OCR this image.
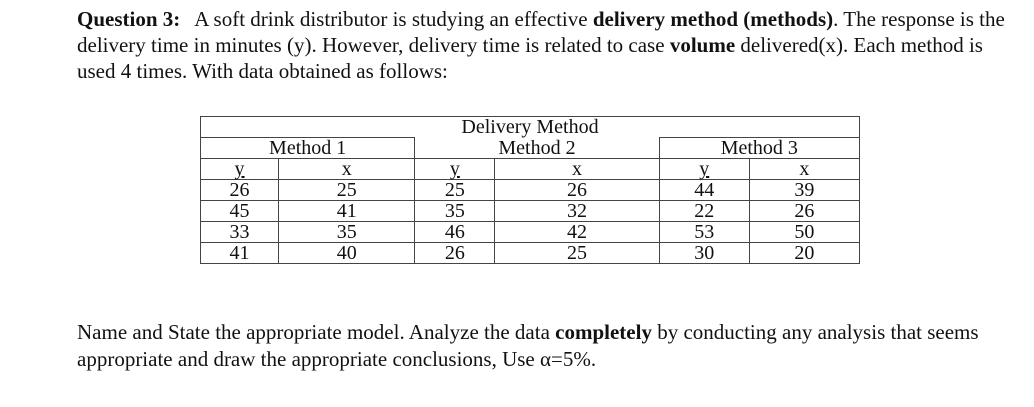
Question 3: A soft drink distributor is studying an effective delivery method (methods). The response is the delivery time in minutes (y). However, delivery time is related to case volume delivered(x). Each method is used 4 times. With data obtained as follows:

Delivery Method					
Method 1		Method 2		Method 3	
y	x	y	x	y	x
26	25	25	26	44	39
45	41	35	32	22	26
33	35	46	42	53	50
41	40	26	25	30	20

Name and State the appropriate model. Analyze the data completely by conducting any analysis that seems appropriate and draw the appropriate conclusions, Use α=5%.
